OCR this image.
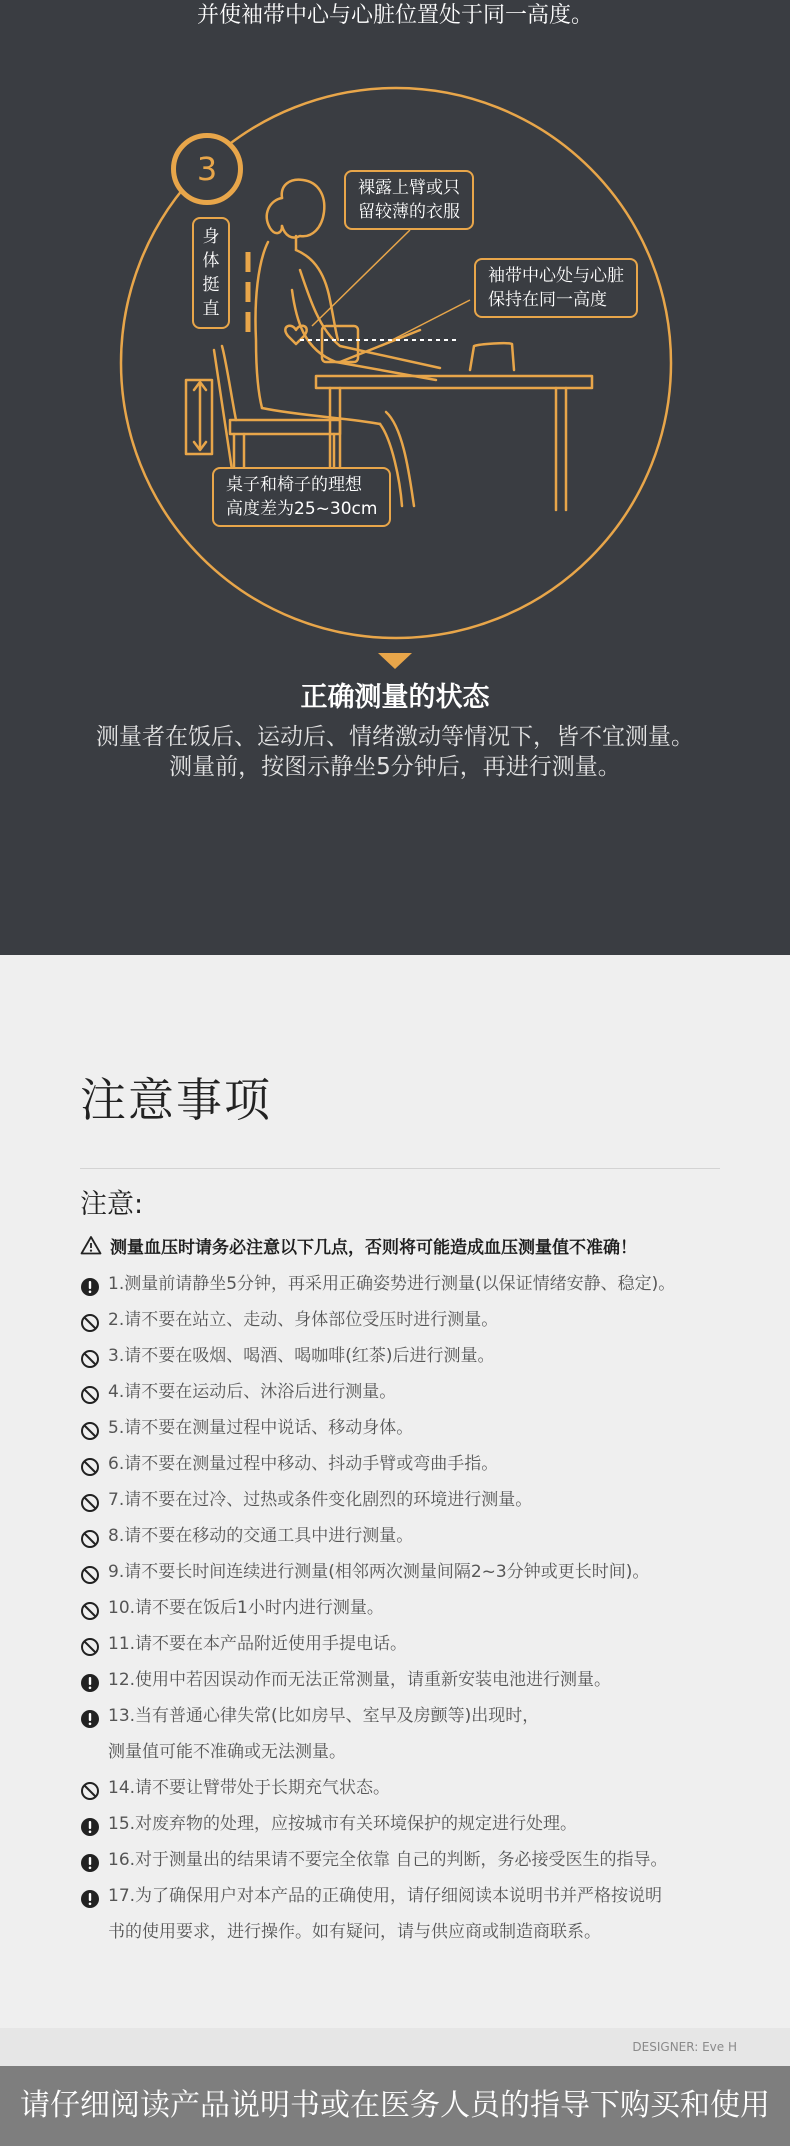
并使袖带中心与心脏位置处于同一高度。
3	裸露上臂或只
留较薄的衣服
袖带中心处与心脏
保持在同一高度
身体挺直
桌子和椅子的理想
高度差为25~30cm
正确测量的状态
测量者在饭后、运动后、情绪激动等情况下，皆不宜测量。
测量前，按图示静坐5分钟后，再进行测量。
注意事项
注意:
测量血压时请务必注意以下几点，否则将可能造成血压测量值不准确！
1.测量前请静坐5分钟，再采用正确姿势进行测量(以保证情绪安静、稳定)。
2.请不要在站立、走动、身体部位受压时进行测量。
3.请不要在吸烟、喝酒、喝咖啡(红茶)后进行测量。
4.请不要在运动后、沐浴后进行测量。
5.请不要在测量过程中说话、移动身体。
6.请不要在测量过程中移动、抖动手臂或弯曲手指。
7.请不要在过冷、过热或条件变化剧烈的环境进行测量。
8.请不要在移动的交通工具中进行测量。
9.请不要长时间连续进行测量(相邻两次测量间隔2~3分钟或更长时间)。
10.请不要在饭后1小时内进行测量。
11.请不要在本产品附近使用手提电话。
12.使用中若因误动作而无法正常测量，请重新安装电池进行测量。
13.当有普通心律失常(比如房早、室早及房颤等)出现时，
测量值可能不准确或无法测量。
14.请不要让臂带处于长期充气状态。
15.对废弃物的处理，应按城市有关环境保护的规定进行处理。
16.对于测量出的结果请不要完全依靠 自己的判断，务必接受医生的指导。
17.为了确保用户对本产品的正确使用，请仔细阅读本说明书并严格按说明
书的使用要求，进行操作。如有疑问，请与供应商或制造商联系。
DESIGNER: Eve H
请仔细阅读产品说明书或在医务人员的指导下购买和使用
